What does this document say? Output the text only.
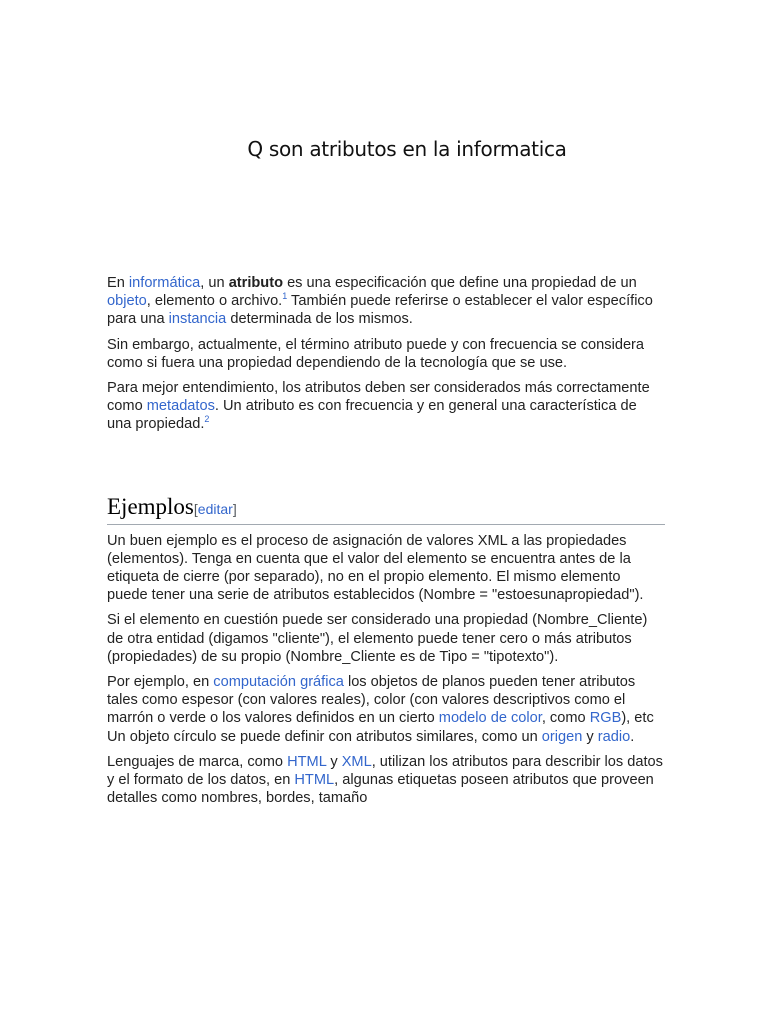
Q son atributos en la informatica

En informática, un atributo es una especificación que define una propiedad de un objeto, elemento o archivo.$^1$ También puede referirse o establecer el valor específico para una instancia determinada de los mismos.

Sin embargo, actualmente, el término atributo puede y con frecuencia se considera como si fuera una propiedad dependiendo de la tecnología que se use.

Para mejor entendimiento, los atributos deben ser considerados más correctamente como metadatos. Un atributo es con frecuencia y en general una característica de una propiedad.$^2$

Ejemplos[editar]

Un buen ejemplo es el proceso de asignación de valores XML a las propiedades (elementos). Tenga en cuenta que el valor del elemento se encuentra antes de la etiqueta de cierre (por separado), no en el propio elemento. El mismo elemento puede tener una serie de atributos establecidos (Nombre = "estoesunapropiedad").

Si el elemento en cuestión puede ser considerado una propiedad (Nombre_Cliente) de otra entidad (digamos "cliente"), el elemento puede tener cero o más atributos (propiedades) de su propio (Nombre_Cliente es de Tipo = "tipotexto").

Por ejemplo, en computación gráfica los objetos de planos pueden tener atributos tales como espesor (con valores reales), color (con valores descriptivos como el marrón o verde o los valores definidos en un cierto modelo de color, como RGB), etc Un objeto círculo se puede definir con atributos similares, como un origen y radio.

Lenguajes de marca, como HTML y XML, utilizan los atributos para describir los datos y el formato de los datos, en HTML, algunas etiquetas poseen atributos que proveen detalles como nombres, bordes, tamaño
